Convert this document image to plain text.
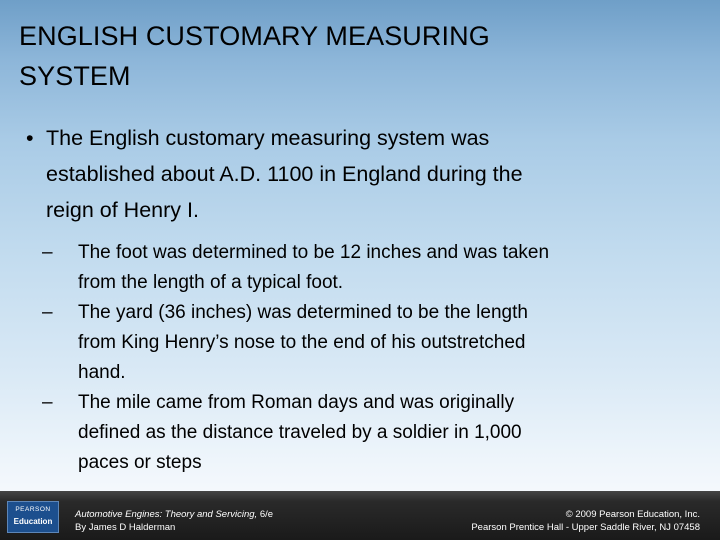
ENGLISH CUSTOMARY MEASURING
SYSTEM
• The English customary measuring system was
established about A.D. 1100 in England during the
reign of Henry I.
– The foot was determined to be 12 inches and was taken
from the length of a typical foot.
– The yard (36 inches) was determined to be the length
from King Henry’s nose to the end of his outstretched
hand.
– The mile came from Roman days and was originally
defined as the distance traveled by a soldier in 1,000
paces or steps
PEARSON
Education
Automotive Engines: Theory and Servicing, 6/e
By James D Halderman
© 2009 Pearson Education, Inc.
Pearson Prentice Hall - Upper Saddle River, NJ 07458
